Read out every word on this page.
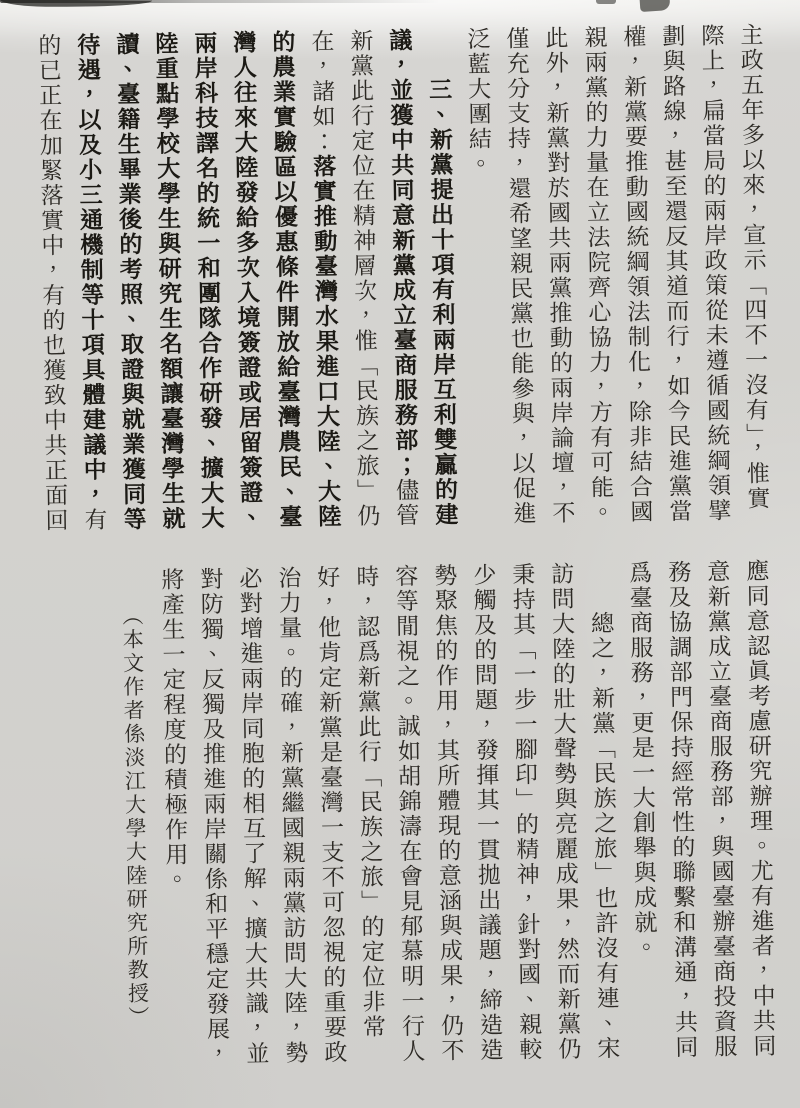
主政五年多以來，宣示「四不一沒有」，惟實
際上，扁當局的兩岸政策從未遵循國統綱領擘
劃與路線，甚至還反其道而行，如今民進黨當
權，新黨要推動國統綱領法制化，除非結合國
親兩黨的力量在立法院齊心協力，方有可能。
此外，新黨對於國共兩黨推動的兩岸論壇，不
僅充分支持，還希望親民黨也能參與，以促進
泛藍大團結。
　　三、新黨提出十項有利兩岸互利雙贏的建
議，並獲中共同意新黨成立臺商服務部；儘管
新黨此行定位在精神層次，惟「民族之旅」仍
在，諸如：落實推動臺灣水果進口大陸、大陸
的農業實驗區以優惠條件開放給臺灣農民、臺
灣人往來大陸發給多次入境簽證或居留簽證、
兩岸科技譯名的統一和團隊合作研發、擴大大
陸重點學校大學生與研究生名額讓臺灣學生就
讀、臺籍生畢業後的考照、取證與就業獲同等
待遇，以及小三通機制等十項具體建議中，有
的已正在加緊落實中，有的也獲致中共正面回
應同意認眞考慮研究辦理。尤有進者，中共同
意新黨成立臺商服務部，與國臺辦臺商投資服
務及協調部門保持經常性的聯繫和溝通，共同
爲臺商服務，更是一大創舉與成就。
　　總之，新黨「民族之旅」也許沒有連、宋
訪問大陸的壯大聲勢與亮麗成果，然而新黨仍
秉持其「一步一腳印」的精神，針對國、親較
少觸及的問題，發揮其一貫拋出議題，締造造
勢聚焦的作用，其所體現的意涵與成果，仍不
容等閒視之。誠如胡錦濤在會見郁慕明一行人
時，認爲新黨此行「民族之旅」的定位非常
好，他肯定新黨是臺灣一支不可忽視的重要政
治力量。的確，新黨繼國親兩黨訪問大陸，勢
必對增進兩岸同胞的相互了解、擴大共識，並
對防獨、反獨及推進兩岸關係和平穩定發展，
將產生一定程度的積極作用。
　　（本文作者係淡江大學大陸研究所教授）
